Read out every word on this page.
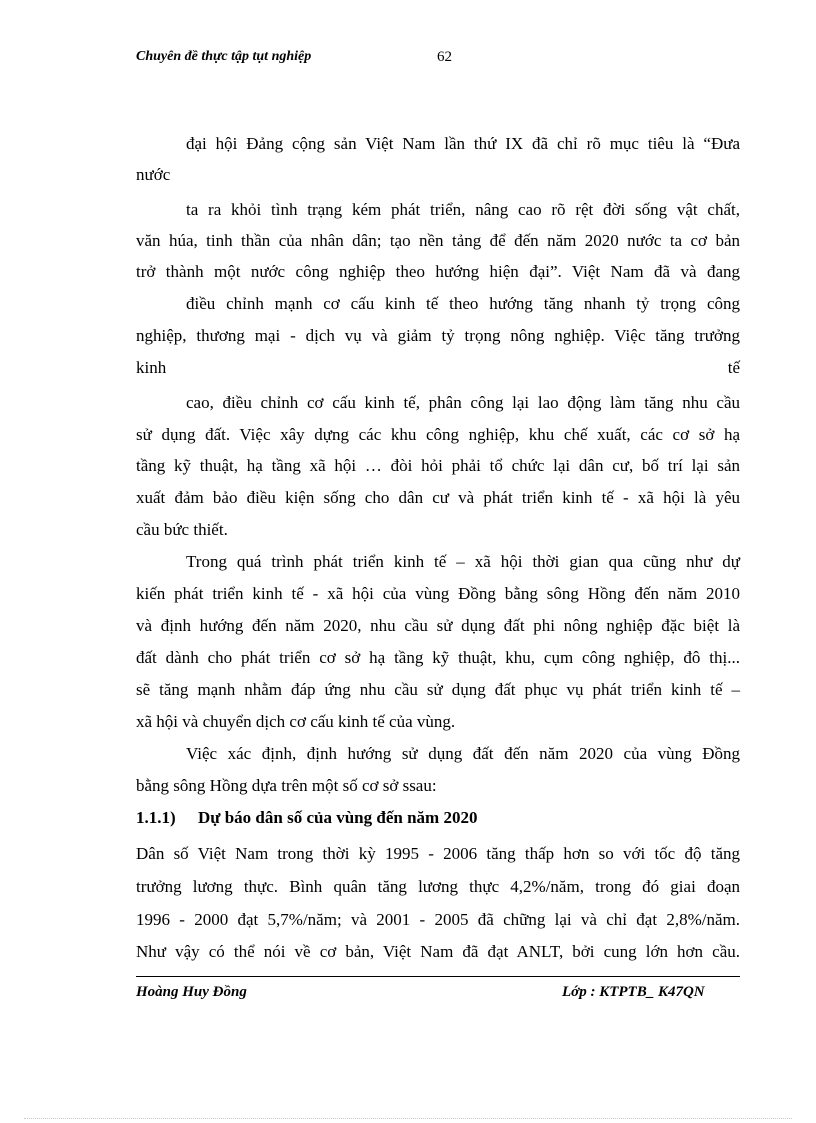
Chuyên đề thực tập tụt nghiệp	62
đại hội Đảng cộng sản Việt Nam lần thứ IX đã chỉ rõ mục tiêu là “Đưa
nước
ta ra khỏi tình trạng kém phát triển, nâng cao rõ rệt đời sống vật chất,
văn húa, tinh thần của nhân dân; tạo nền tảng để đến năm 2020 nước ta cơ bản
trở thành một nước công nghiệp theo hướng hiện đại”. Việt Nam đã và đang
điều chỉnh mạnh cơ cấu kinh tế theo hướng tăng nhanh tỷ trọng công
nghiệp, thương mại - dịch vụ và giảm tỷ trọng nông nghiệp. Việc tăng trưởng
kinh	tế
cao, điều chỉnh cơ cấu kinh tế, phân công lại lao động làm tăng nhu cầu
sử dụng đất. Việc xây dựng các khu công nghiệp, khu chế xuất, các cơ sở hạ
tầng kỹ thuật, hạ tầng xã hội … đòi hỏi phải tổ chức lại dân cư, bố trí lại sản
xuất đảm bảo điều kiện sống cho dân cư và phát triển kinh tế - xã hội là yêu
cầu bức thiết.
Trong quá trình phát triển kinh tế – xã hội thời gian qua cũng như dự
kiến phát triển kinh tế - xã hội của vùng Đồng bằng sông Hồng đến năm 2010
và định hướng đến năm 2020, nhu cầu sử dụng đất phi nông nghiệp đặc biệt là
đất dành cho phát triển cơ sở hạ tầng kỹ thuật, khu, cụm công nghiệp, đô thị...
sẽ tăng mạnh nhằm đáp ứng nhu cầu sử dụng đất phục vụ phát triển kinh tế –
xã hội và chuyển dịch cơ cấu kinh tế của vùng.
Việc xác định, định hướng sử dụng đất đến năm 2020 của vùng Đồng
bằng sông Hồng dựa trên một số cơ sở ssau:
1.1.1) Dự báo dân số của vùng đến năm 2020
Dân số Việt Nam trong thời kỳ 1995 - 2006 tăng thấp hơn so với tốc độ tăng
trưởng lương thực. Bình quân tăng lương thực 4,2%/năm, trong đó giai đoạn
1996 - 2000 đạt 5,7%/năm; và 2001 - 2005 đã chững lại và chỉ đạt 2,8%/năm.
Như vậy có thể nói về cơ bản, Việt Nam đã đạt ANLT, bởi cung lớn hơn cầu.
Hoàng Huy Đồng	Lớp : KTPTB_ K47QN
